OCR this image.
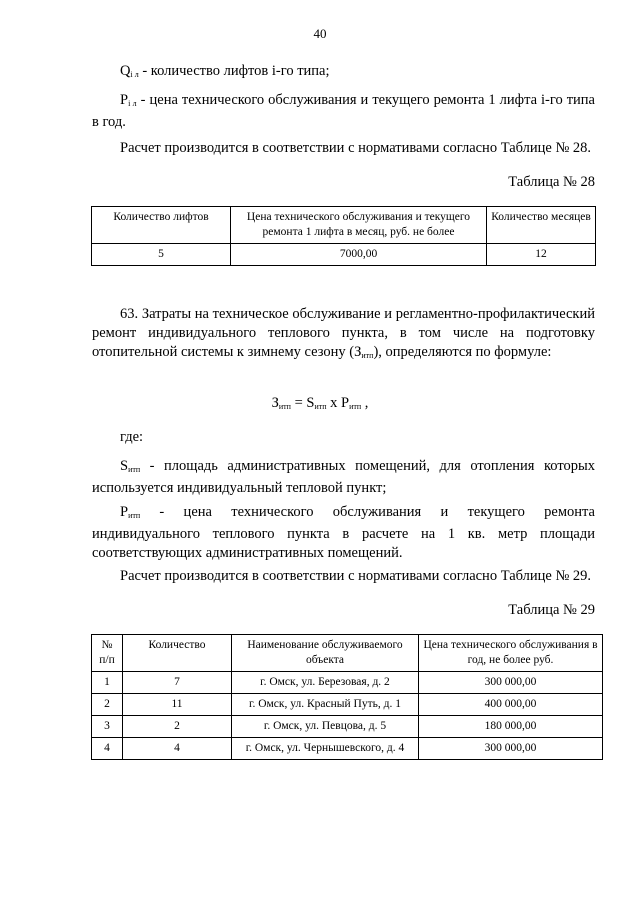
40
$Q_{i л}$ - количество лифтов i-го типа;
$P_{i л}$ - цена технического обслуживания и текущего ремонта 1 лифта i-го типа в год.
Расчет производится в соответствии с нормативами согласно Таблице № 28.
Таблица № 28
Количество лифтов	Цена технического обслуживания и текущего ремонта 1 лифта в месяц, руб. не более	Количество месяцев
5	7000,00	12
63. Затраты на техническое обслуживание и регламентно-профилактический ремонт индивидуального теплового пункта, в том числе на подготовку отопительной системы к зимнему сезону $(З_{итп})$, определяются по формуле:
$З_{итп} = S_{итп}$ х $P_{итп}$ ,
где:
$S_{итп}$ - площадь административных помещений, для отопления которых используется индивидуальный тепловой пункт;
$P_{итп}$ - цена технического обслуживания и текущего ремонта индивидуального теплового пункта в расчете на 1 кв. метр площади соответствующих административных помещений.
Расчет производится в соответствии с нормативами согласно Таблице № 29.
Таблица № 29
№ п/п	Количество	Наименование обслуживаемого объекта	Цена технического обслуживания в год, не более руб.
1	7	г. Омск, ул. Березовая, д. 2	300 000,00
2	11	г. Омск, ул. Красный Путь, д. 1	400 000,00
3	2	г. Омск, ул. Певцова, д. 5	180 000,00
4	4	г. Омск, ул. Чернышевского, д. 4	300 000,00
